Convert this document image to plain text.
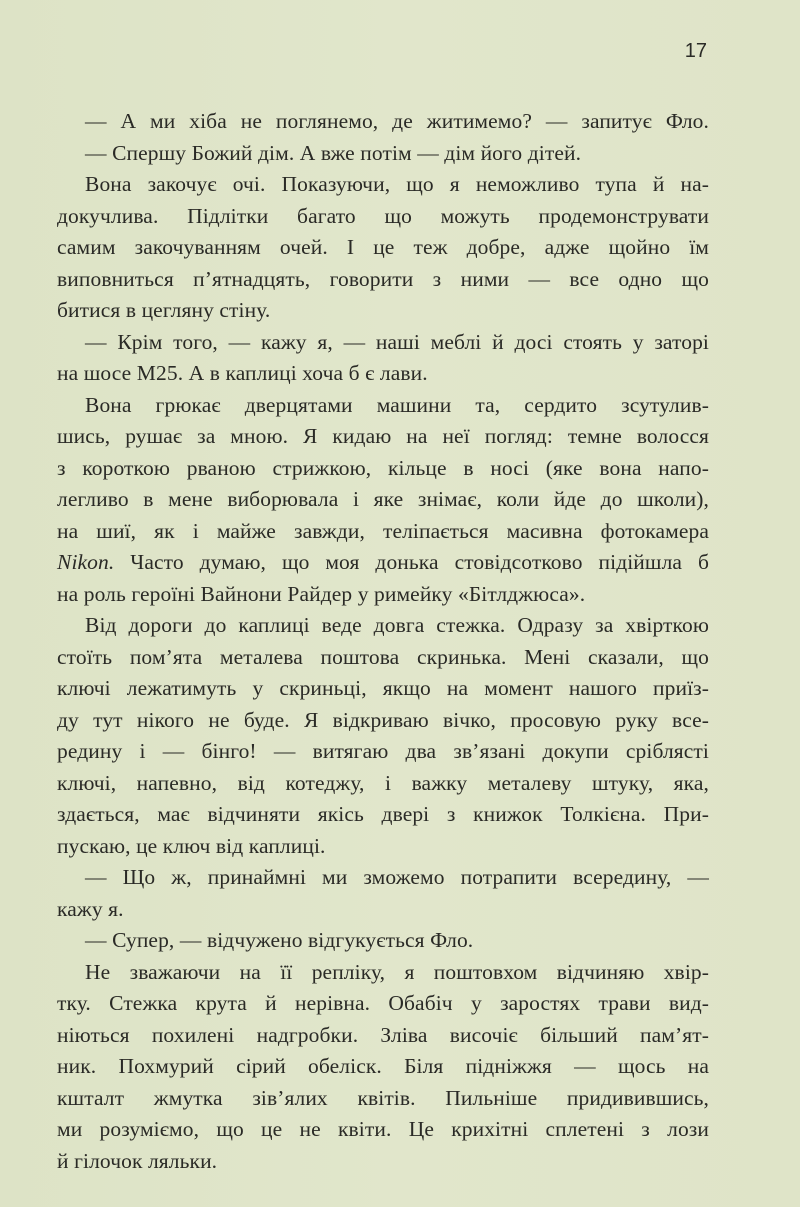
17
— А ми хіба не поглянемо, де житимемо? — запитує Фло.
— Спершу Божий дім. А вже потім — дім його дітей.
Вона закочує очі. Показуючи, що я неможливо тупа й на-
докучлива. Підлітки багато що можуть продемонструвати
самим закочуванням очей. І це теж добре, адже щойно їм
виповниться п’ятнадцять, говорити з ними — все одно що
битися в цегляну стіну.
— Крім того, — кажу я, — наші меблі й досі стоять у заторі
на шосе M25. А в каплиці хоча б є лави.
Вона грюкає дверцятами машини та, сердито зсутулив-
шись, рушає за мною. Я кидаю на неї погляд: темне волосся
з короткою рваною стрижкою, кільце в носі (яке вона напо-
легливо в мене виборювала і яке знімає, коли йде до школи),
на шиї, як і майже завжди, теліпається масивна фотокамера
Nikon. Часто думаю, що моя донька стовідсотково підійшла б
на роль героїні Вайнони Райдер у римейку «Бітлджюса».
Від дороги до каплиці веде довга стежка. Одразу за хвірткою
стоїть пом’ята металева поштова скринька. Мені сказали, що
ключі лежатимуть у скриньці, якщо на момент нашого приїз-
ду тут нікого не буде. Я відкриваю вічко, просовую руку все-
редину і — бінго! — витягаю два зв’язані докупи сріблясті
ключі, напевно, від котеджу, і важку металеву штуку, яка,
здається, має відчиняти якісь двері з книжок Толкієна. При-
пускаю, це ключ від каплиці.
— Що ж, принаймні ми зможемо потрапити всередину, —
кажу я.
— Супер, — відчужено відгукується Фло.
Не зважаючи на її репліку, я поштовхом відчиняю хвір-
тку. Стежка крута й нерівна. Обабіч у заростях трави вид-
ніються похилені надгробки. Зліва височіє більший пам’ят-
ник. Похмурий сірий обеліск. Біля підніжжя — щось на
кшталт жмутка зів’ялих квітів. Пильніше придивившись,
ми розуміємо, що це не квіти. Це крихітні сплетені з лози
й гілочок ляльки.
